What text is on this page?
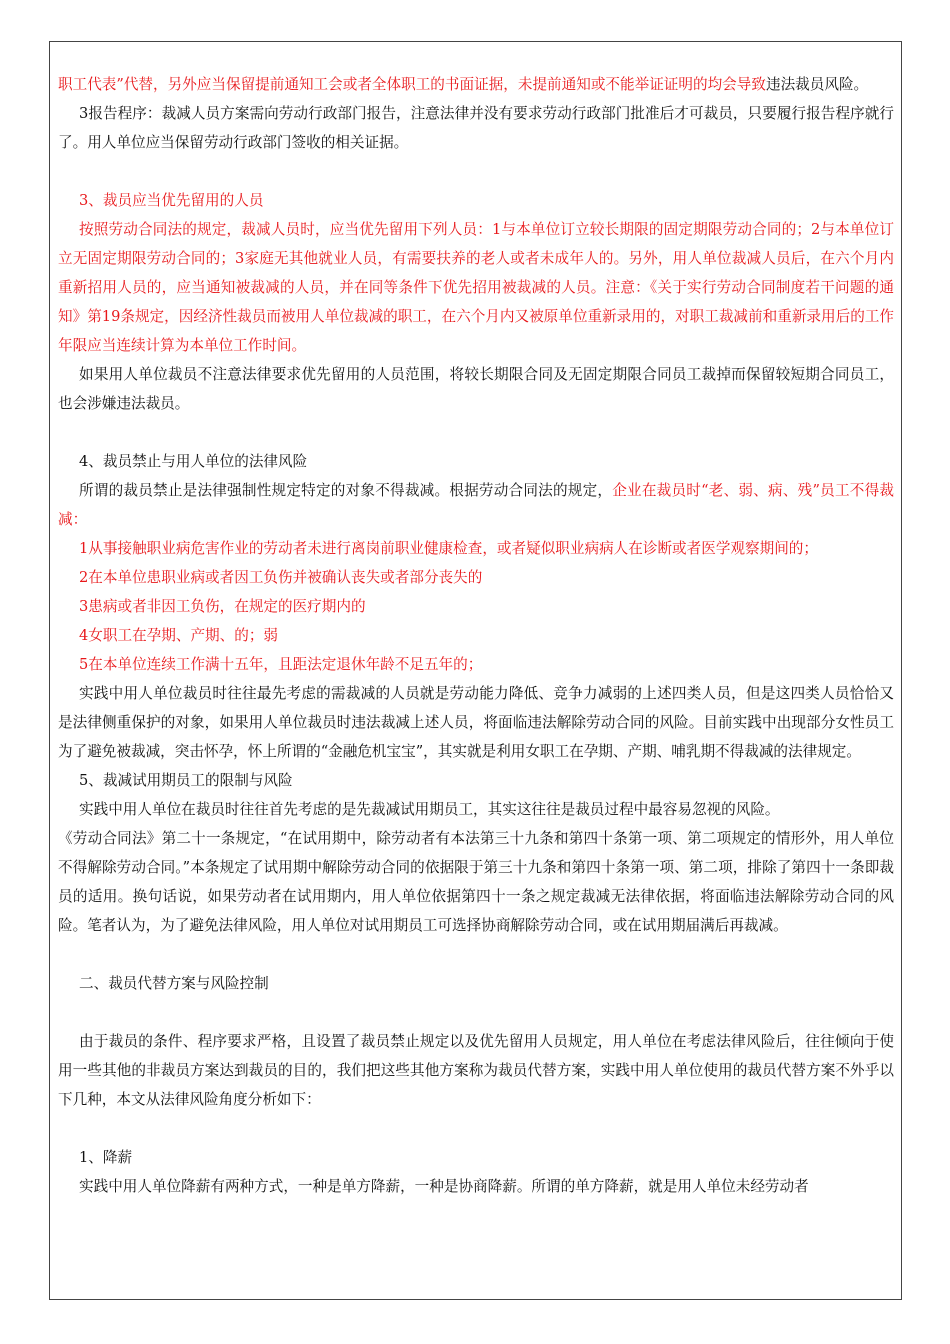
职工代表”代替，另外应当保留提前通知工会或者全体职工的书面证据，未提前通知或不能举证证明的均会导致违法裁员风险。

3报告程序：裁减人员方案需向劳动行政部门报告，注意法律并没有要求劳动行政部门批准后才可裁员，只要履行报告程序就行了。用人单位应当保留劳动行政部门签收的相关证据。

3、裁员应当优先留用的人员

按照劳动合同法的规定，裁减人员时，应当优先留用下列人员：1与本单位订立较长期限的固定期限劳动合同的；2与本单位订立无固定期限劳动合同的；3家庭无其他就业人员，有需要扶养的老人或者未成年人的。另外，用人单位裁减人员后，在六个月内重新招用人员的，应当通知被裁减的人员，并在同等条件下优先招用被裁减的人员。注意：《关于实行劳动合同制度若干问题的通知》第19条规定，因经济性裁员而被用人单位裁减的职工，在六个月内又被原单位重新录用的，对职工裁减前和重新录用后的工作年限应当连续计算为本单位工作时间。

如果用人单位裁员不注意法律要求优先留用的人员范围，将较长期限合同及无固定期限合同员工裁掉而保留较短期合同员工，也会涉嫌违法裁员。

4、裁员禁止与用人单位的法律风险

所谓的裁员禁止是法律强制性规定特定的对象不得裁减。根据劳动合同法的规定，企业在裁员时“老、弱、病、残”员工不得裁减：

1从事接触职业病危害作业的劳动者未进行离岗前职业健康检查，或者疑似职业病病人在诊断或者医学观察期间的；

2在本单位患职业病或者因工负伤并被确认丧失或者部分丧失的

3患病或者非因工负伤，在规定的医疗期内的

4女职工在孕期、产期、的；弱

5在本单位连续工作满十五年，且距法定退休年龄不足五年的；

实践中用人单位裁员时往往最先考虑的需裁减的人员就是劳动能力降低、竞争力减弱的上述四类人员，但是这四类人员恰恰又是法律侧重保护的对象，如果用人单位裁员时违法裁减上述人员，将面临违法解除劳动合同的风险。目前实践中出现部分女性员工为了避免被裁减，突击怀孕，怀上所谓的“金融危机宝宝”，其实就是利用女职工在孕期、产期、哺乳期不得裁减的法律规定。

5、裁减试用期员工的限制与风险

实践中用人单位在裁员时往往首先考虑的是先裁减试用期员工，其实这往往是裁员过程中最容易忽视的风险。

《劳动合同法》第二十一条规定，“在试用期中，除劳动者有本法第三十九条和第四十条第一项、第二项规定的情形外，用人单位不得解除劳动合同。”本条规定了试用期中解除劳动合同的依据限于第三十九条和第四十条第一项、第二项，排除了第四十一条即裁员的适用。换句话说，如果劳动者在试用期内，用人单位依据第四十一条之规定裁减无法律依据，将面临违法解除劳动合同的风险。笔者认为，为了避免法律风险，用人单位对试用期员工可选择协商解除劳动合同，或在试用期届满后再裁减。

二、裁员代替方案与风险控制

由于裁员的条件、程序要求严格，且设置了裁员禁止规定以及优先留用人员规定，用人单位在考虑法律风险后，往往倾向于使用一些其他的非裁员方案达到裁员的目的，我们把这些其他方案称为裁员代替方案，实践中用人单位使用的裁员代替方案不外乎以下几种，本文从法律风险角度分析如下：

1、降薪

实践中用人单位降薪有两种方式，一种是单方降薪，一种是协商降薪。所谓的单方降薪，就是用人单位未经劳动者
